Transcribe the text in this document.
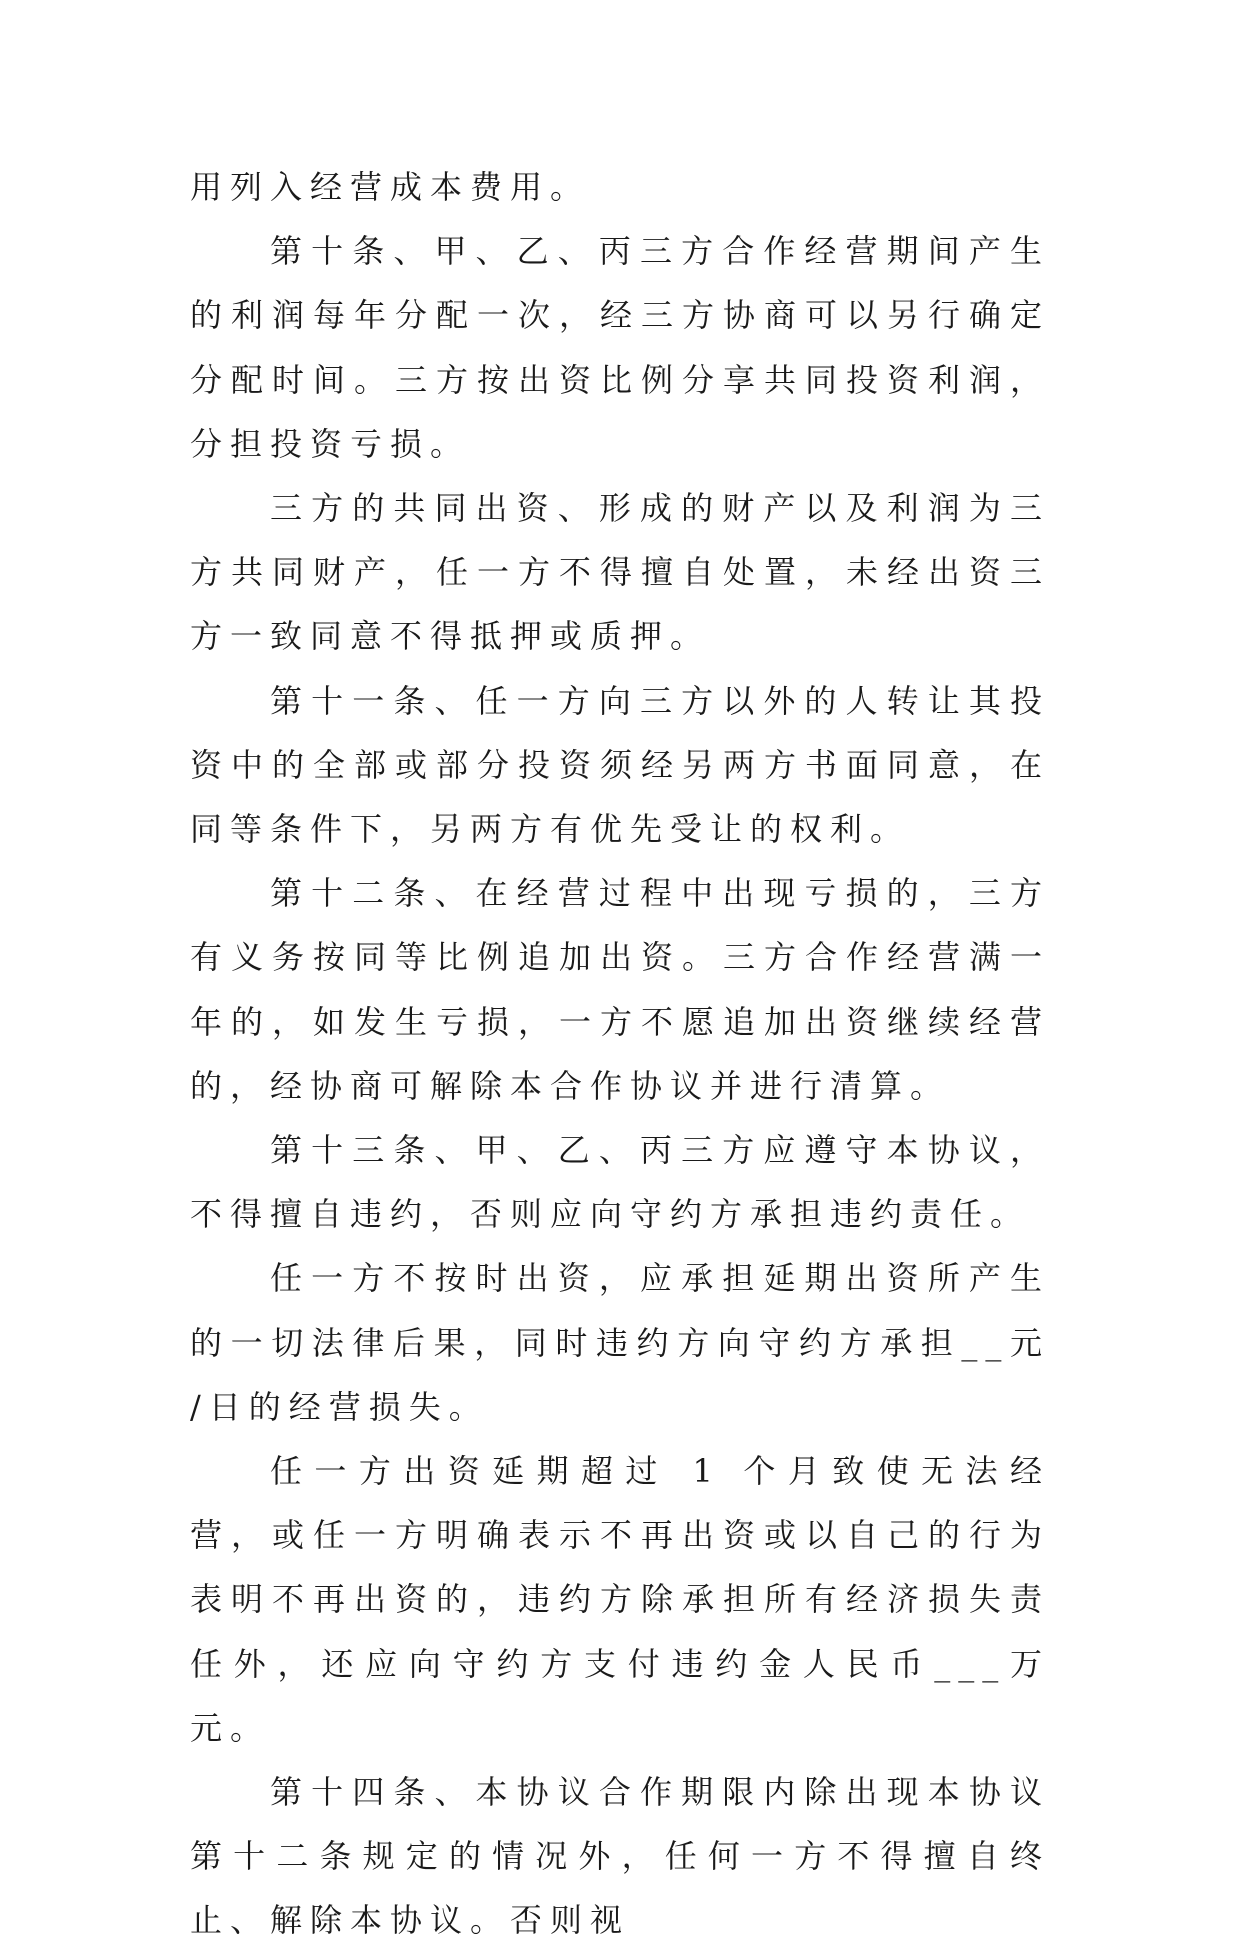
用列入经营成本费用。

第十条、甲、乙、丙三方合作经营期间产生的利润每年分配一次，经三方协商可以另行确定分配时间。三方按出资比例分享共同投资利润，分担投资亏损。

三方的共同出资、形成的财产以及利润为三方共同财产，任一方不得擅自处置，未经出资三方一致同意不得抵押或质押。

第十一条、任一方向三方以外的人转让其投资中的全部或部分投资须经另两方书面同意，在同等条件下，另两方有优先受让的权利。

第十二条、在经营过程中出现亏损的，三方有义务按同等比例追加出资。三方合作经营满一年的，如发生亏损，一方不愿追加出资继续经营的，经协商可解除本合作协议并进行清算。

第十三条、甲、乙、丙三方应遵守本协议，不得擅自违约，否则应向守约方承担违约责任。

任一方不按时出资，应承担延期出资所产生的一切法律后果，同时违约方向守约方承担__元 /日的经营损失。

任一方出资延期超过 1 个月致使无法经营，或任一方明确表示不再出资或以自己的行为表明不再出资的，违约方除承担所有经济损失责任外，还应向守约方支付违约金人民币___万元。

第十四条、本协议合作期限内除出现本协议第十二条规定的情况外，任何一方不得擅自终止、解除本协议。否则视
